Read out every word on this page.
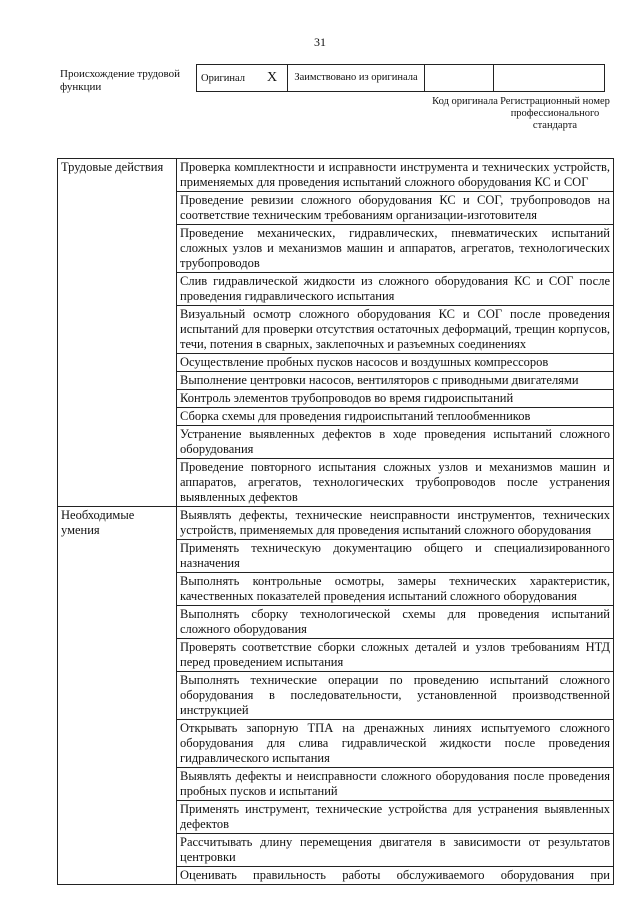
31
Происхождение трудовой функции
Оригинал	X	Заимствовано из оригинала		
Код оригинала Регистрационный номер профессионального стандарта
Трудовые действия	Проверка комплектности и исправности инструмента и технических устройств, применяемых для проведения испытаний сложного оборудования КС и СОГ
	Проведение ревизии сложного оборудования КС и СОГ, трубопроводов на соответствие техническим требованиям организации-изготовителя
	Проведение механических, гидравлических, пневматических испытаний сложных узлов и механизмов машин и аппаратов, агрегатов, технологических трубопроводов
	Слив гидравлической жидкости из сложного оборудования КС и СОГ после проведения гидравлического испытания
	Визуальный осмотр сложного оборудования КС и СОГ после проведения испытаний для проверки отсутствия остаточных деформаций, трещин корпусов, течи, потения в сварных, заклепочных и разъемных соединениях
	Осуществление пробных пусков насосов и воздушных компрессоров
	Выполнение центровки насосов, вентиляторов с приводными двигателями
	Контроль элементов трубопроводов во время гидроиспытаний
	Сборка схемы для проведения гидроиспытаний теплообменников
	Устранение выявленных дефектов в ходе проведения испытаний сложного оборудования
	Проведение повторного испытания сложных узлов и механизмов машин и аппаратов, агрегатов, технологических трубопроводов после устранения выявленных дефектов
Необходимые умения	Выявлять дефекты, технические неисправности инструментов, технических устройств, применяемых для проведения испытаний сложного оборудования
	Применять техническую документацию общего и специализированного назначения
	Выполнять контрольные осмотры, замеры технических характеристик, качественных показателей проведения испытаний сложного оборудования
	Выполнять сборку технологической схемы для проведения испытаний сложного оборудования
	Проверять соответствие сборки сложных деталей и узлов требованиям НТД перед проведением испытания
	Выполнять технические операции по проведению испытаний сложного оборудования в последовательности, установленной производственной инструкцией
	Открывать запорную ТПА на дренажных линиях испытуемого сложного оборудования для слива гидравлической жидкости после проведения гидравлического испытания
	Выявлять дефекты и неисправности сложного оборудования после проведения пробных пусков и испытаний
	Применять инструмент, технические устройства для устранения выявленных дефектов
	Рассчитывать длину перемещения двигателя в зависимости от результатов центровки
	Оценивать правильность работы обслуживаемого оборудования при
